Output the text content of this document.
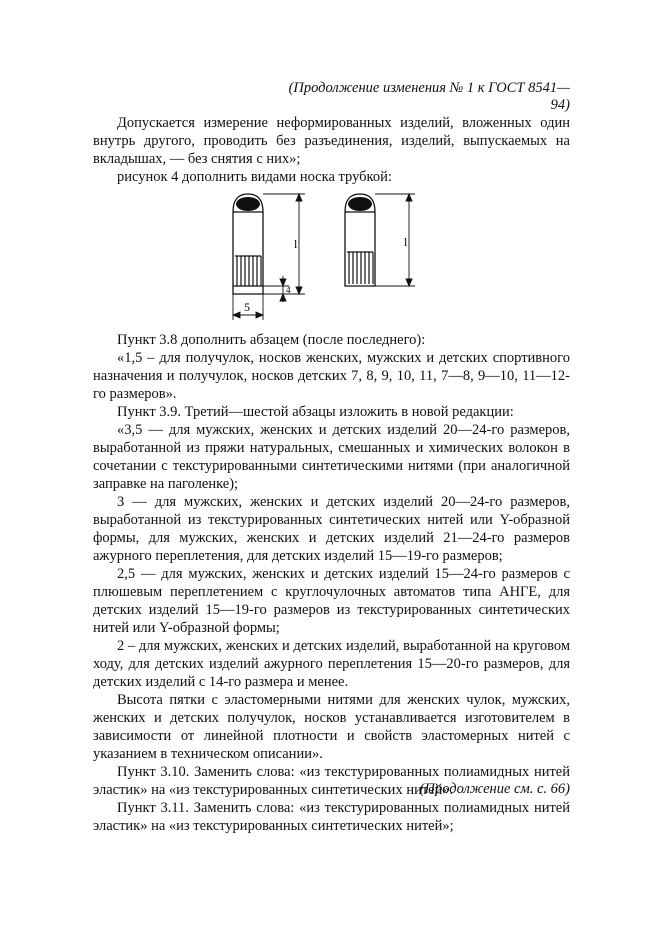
(Продолжение изменения № 1 к ГОСТ 8541—94)

Допускается измерение неформированных изделий, вложенных один внутрь другого, проводить без разъединения, изделий, выпускаемых на вкладышах, — без снятия с них»;

рисунок 4 дополнить видами носка трубкой:

5
l
4
l

Пункт 3.8 дополнить абзацем (после последнего):

«1,5 – для получулок, носков женских, мужских и детских спортивного назначения и получулок, носков детских 7, 8, 9, 10, 11, 7—8, 9—10, 11—12-го размеров».

Пункт 3.9. Третий—шестой абзацы изложить в новой редакции:

«3,5 — для мужских, женских и детских изделий 20—24-го размеров, выработанной из пряжи натуральных, смешанных и химических волокон в сочетании с текстурированными синтетическими нитями (при аналогичной заправке на паголенке);

3 — для мужских, женских и детских изделий 20—24-го размеров, выработанной из текстурированных синтетических нитей или Y-образной формы, для мужских, женских и детских изделий 21—24-го размеров ажурного переплетения, для детских изделий 15—19-го размеров;

2,5 — для мужских, женских и детских изделий 15—24-го размеров с плюшевым переплетением с круглочулочных автоматов типа АНГЕ, для детских изделий 15—19-го размеров из текстурированных синтетических нитей или Y-образной формы;

2 – для мужских, женских и детских изделий, выработанной на круговом ходу, для детских изделий ажурного переплетения 15—20-го размеров, для детских изделий с 14-го размера и менее.

Высота пятки с эластомерными нитями для женских чулок, мужских, женских и детских получулок, носков устанавливается изготовителем в зависимости от линейной плотности и свойств эластомерных нитей с указанием в техническом описании».

Пункт 3.10. Заменить слова: «из текстурированных полиамидных нитей эластик» на «из текстурированных синтетических нитей».

Пункт 3.11. Заменить слова: «из текстурированных полиамидных нитей эластик» на «из текстурированных синтетических нитей»;

(Продолжение см. с. 66)
